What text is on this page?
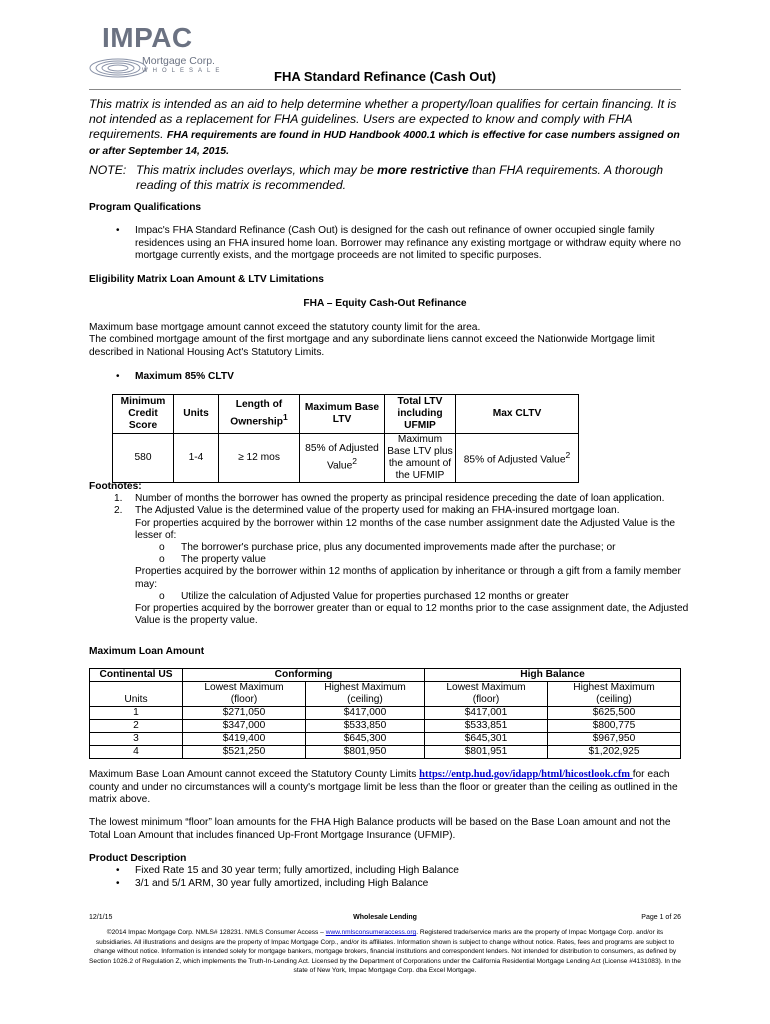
IMPAC
Mortgage Corp.
WHOLESALE	FHA Standard Refinance (Cash Out)
This matrix is intended as an aid to help determine whether a property/loan qualifies for certain financing. It is not intended as a replacement for FHA guidelines. Users are expected to know and comply with FHA requirements. FHA requirements are found in HUD Handbook 4000.1 which is effective for case numbers assigned on or after September 14, 2015.
NOTE: This matrix includes overlays, which may be more restrictive than FHA requirements. A thorough reading of this matrix is recommended.
Program Qualifications
• Impac's FHA Standard Refinance (Cash Out) is designed for the cash out refinance of owner occupied single family residences using an FHA insured home loan. Borrower may refinance any existing mortgage or withdraw equity where no mortgage currently exists, and the mortgage proceeds are not limited to specific purposes.
Eligibility Matrix Loan Amount & LTV Limitations
FHA – Equity Cash-Out Refinance
Maximum base mortgage amount cannot exceed the statutory county limit for the area.
The combined mortgage amount of the first mortgage and any subordinate liens cannot exceed the Nationwide Mortgage limit described in National Housing Act's Statutory Limits.
• Maximum 85% CLTV
Minimum Credit Score	Units	Length of Ownership$^1$	Maximum Base LTV	Total LTV including UFMIP	Max CLTV
580	1-4	≥ 12 mos	85% of Adjusted Value$^2$	Maximum Base LTV plus the amount of the UFMIP	85% of Adjusted Value$^2$
Footnotes:
1. Number of months the borrower has owned the property as principal residence preceding the date of loan application.
2. The Adjusted Value is the determined value of the property used for making an FHA-insured mortgage loan.
For properties acquired by the borrower within 12 months of the case number assignment date the Adjusted Value is the lesser of:
o The borrower's purchase price, plus any documented improvements made after the purchase; or
o The property value
Properties acquired by the borrower within 12 months of application by inheritance or through a gift from a family member may:
o Utilize the calculation of Adjusted Value for properties purchased 12 months or greater
For properties acquired by the borrower greater than or equal to 12 months prior to the case assignment date, the Adjusted Value is the property value.
Maximum Loan Amount
Continental US	Conforming		High Balance	
	Lowest Maximum	Highest Maximum	Lowest Maximum	Highest Maximum
Units	(floor)	(ceiling)	(floor)	(ceiling)
1	$271,050	$417,000	$417,001	$625,500
2	$347,000	$533,850	$533,851	$800,775
3	$419,400	$645,300	$645,301	$967,950
4	$521,250	$801,950	$801,951	$1,202,925
Maximum Base Loan Amount cannot exceed the Statutory County Limits https://entp.hud.gov/idapp/html/hicostlook.cfm for each county and under no circumstances will a county's mortgage limit be less than the floor or greater than the ceiling as outlined in the matrix above.
The lowest minimum “floor” loan amounts for the FHA High Balance products will be based on the Base Loan amount and not the Total Loan Amount that includes financed Up-Front Mortgage Insurance (UFMIP).
Product Description
• Fixed Rate 15 and 30 year term; fully amortized, including High Balance
• 3/1 and 5/1 ARM, 30 year fully amortized, including High Balance
12/1/15	Wholesale Lending	Page 1 of 26
©2014 Impac Mortgage Corp. NMLS# 128231. NMLS Consumer Access – www.nmlsconsumeraccess.org. Registered trade/service marks are the property of Impac Mortgage Corp. and/or its subsidiaries. All illustrations and designs are the property of Impac Mortgage Corp., and/or its affiliates. Information shown is subject to change without notice. Rates, fees and programs are subject to change without notice. Information is intended solely for mortgage bankers, mortgage brokers, financial institutions and correspondent lenders. Not intended for distribution to consumers, as defined by Section 1026.2 of Regulation Z, which implements the Truth-In-Lending Act. Licensed by the Department of Corporations under the California Residential Mortgage Lending Act (License #4131083). In the state of New York, Impac Mortgage Corp. dba Excel Mortgage.
